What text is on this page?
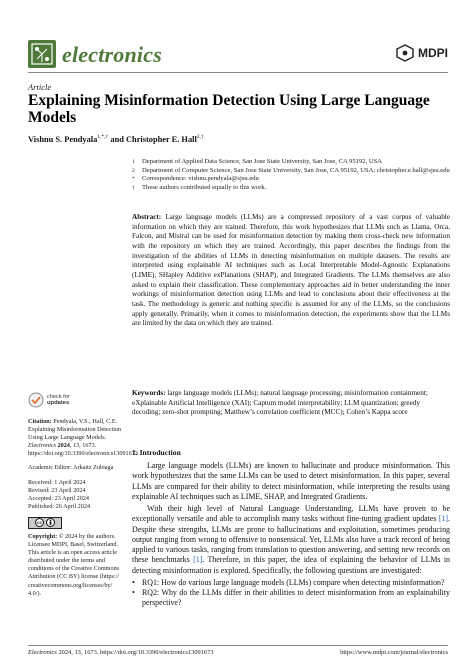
electronics	MDPI
Article
Explaining Misinformation Detection Using Large Language Models
Vishnu S. Pendyala$^{1,*,\dagger}$ and Christopher E. Hall$^{2,\dagger}$
1	Department of Applied Data Science, San Jose State University, San Jose, CA 95192, USA
2	Department of Computer Science, San Jose State University, San Jose, CA 95192, USA; christopher.e.hall@sjsu.edu
*	Correspondence: vishnu.pendyala@sjsu.edu
†	These authors contributed equally to this work.
Abstract: Large language models (LLMs) are a compressed repository of a vast corpus of valuable information on which they are trained. Therefore, this work hypothesizes that LLMs such as Llama, Orca, Falcon, and Mistral can be used for misinformation detection by making them cross-check new information with the repository on which they are trained. Accordingly, this paper describes the findings from the investigation of the abilities of LLMs in detecting misinformation on multiple datasets. The results are interpreted using explainable AI techniques such as Local Interpretable Model-Agnostic Explanations (LIME), SHapley Additive exPlanations (SHAP), and Integrated Gradients. The LLMs themselves are also asked to explain their classification. These complementary approaches aid in better understanding the inner workings of misinformation detection using LLMs and lead to conclusions about their effectiveness at the task. The methodology is generic and nothing specific is assumed for any of the LLMs, so the conclusions apply generally. Primarily, when it comes to misinformation detection, the experiments show that the LLMs are limited by the data on which they are trained.
Keywords: large language models (LLMs); natural language processing; misinformation containment; eXplainable Artificial Intelligence (XAI); Captum model interpretability; LLM quantization; greedy decoding; zero-shot prompting; Matthew’s correlation coefficient (MCC); Cohen’s Kappa score
check for
updates
Citation: Pendyala, V.S.; Hall, C.E. Explaining Misinformation Detection Using Large Language Models. Electronics 2024, 13, 1673. https://doi.org/10.3390/electronics13091673
Academic Editor: Arkaitz Zubiaga
Received: 1 April 2024
Revised: 23 April 2024
Accepted: 23 April 2024
Published: 26 April 2024
cc
Copyright: © 2024 by the authors. Licensee MDPI, Basel, Switzerland. This article is an open access article distributed under the terms and conditions of the Creative Commons Attribution (CC BY) license (https:// creativecommons.org/licenses/by/ 4.0/).
1. Introduction

Large language models (LLMs) are known to hallucinate and produce misinformation. This work hypothesizes that the same LLMs can be used to detect misinformation. In this paper, several LLMs are compared for their ability to detect misinformation, while interpreting the results using explainable AI techniques such as LIME, SHAP, and Integrated Gradients.

With their high level of Natural Language Understanding, LLMs have proven to be exceptionally versatile and able to accomplish many tasks without fine-tuning gradient updates [1]. Despite these strengths, LLMs are prone to hallucinations and exploitation, sometimes producing output ranging from wrong to offensive to nonsensical. Yet, LLMs also have a track record of being applied to various tasks, ranging from translation to question answering, and setting new records on these benchmarks [1]. Therefore, in this paper, the idea of explaining the behavior of LLMs in detecting misinformation is explored. Specifically, the following questions are investigated:

• RQ1: How do various large language models (LLMs) compare when detecting misinformation?
• RQ2: Why do the LLMs differ in their abilities to detect misinformation from an explainability perspective?
Electronics 2024, 13, 1673. https://doi.org/10.3390/electronics13091673	https://www.mdpi.com/journal/electronics
